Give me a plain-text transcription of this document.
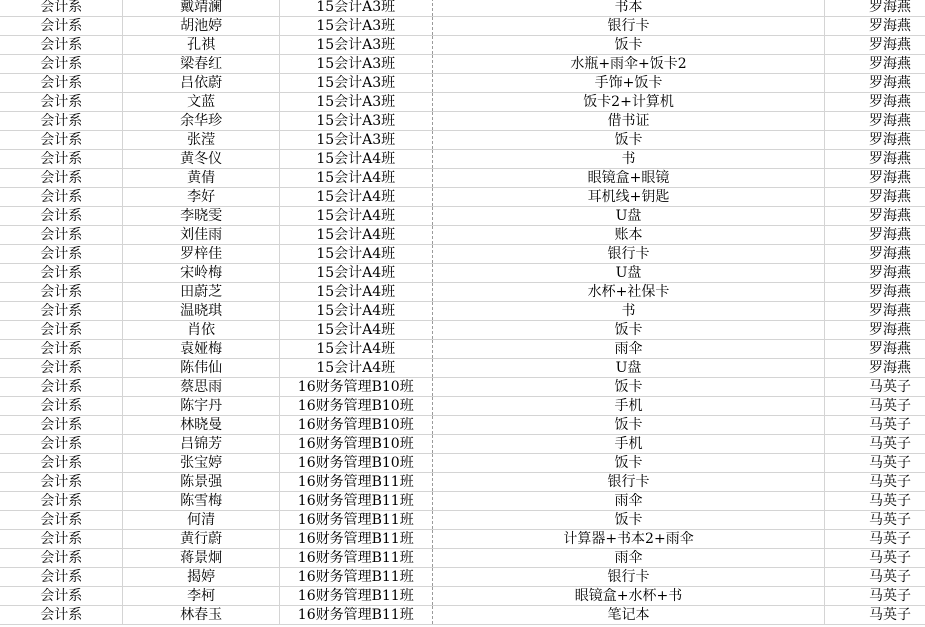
会计系	戴靖澜	15会计A3班	书本	罗海燕
会计系	胡池婷	15会计A3班	银行卡	罗海燕
会计系	孔祺	15会计A3班	饭卡	罗海燕
会计系	梁春红	15会计A3班	水瓶+雨伞+饭卡2	罗海燕
会计系	吕依蔚	15会计A3班	手饰+饭卡	罗海燕
会计系	文蓝	15会计A3班	饭卡2+计算机	罗海燕
会计系	余华珍	15会计A3班	借书证	罗海燕
会计系	张滢	15会计A3班	饭卡	罗海燕
会计系	黄冬仪	15会计A4班	书	罗海燕
会计系	黄倩	15会计A4班	眼镜盒+眼镜	罗海燕
会计系	李好	15会计A4班	耳机线+钥匙	罗海燕
会计系	李晓雯	15会计A4班	U盘	罗海燕
会计系	刘佳雨	15会计A4班	账本	罗海燕
会计系	罗梓佳	15会计A4班	银行卡	罗海燕
会计系	宋岭梅	15会计A4班	U盘	罗海燕
会计系	田蔚芝	15会计A4班	水杯+社保卡	罗海燕
会计系	温晓琪	15会计A4班	书	罗海燕
会计系	肖依	15会计A4班	饭卡	罗海燕
会计系	袁娅梅	15会计A4班	雨伞	罗海燕
会计系	陈伟仙	15会计A4班	U盘	罗海燕
会计系	蔡思雨	16财务管理B10班	饭卡	马英子
会计系	陈宇丹	16财务管理B10班	手机	马英子
会计系	林晓曼	16财务管理B10班	饭卡	马英子
会计系	吕锦芳	16财务管理B10班	手机	马英子
会计系	张宝婷	16财务管理B10班	饭卡	马英子
会计系	陈景强	16财务管理B11班	银行卡	马英子
会计系	陈雪梅	16财务管理B11班	雨伞	马英子
会计系	何清	16财务管理B11班	饭卡	马英子
会计系	黄行蔚	16财务管理B11班	计算器+书本2+雨伞	马英子
会计系	蒋景炯	16财务管理B11班	雨伞	马英子
会计系	揭婷	16财务管理B11班	银行卡	马英子
会计系	李柯	16财务管理B11班	眼镜盒+水杯+书	马英子
会计系	林春玉	16财务管理B11班	笔记本	马英子
